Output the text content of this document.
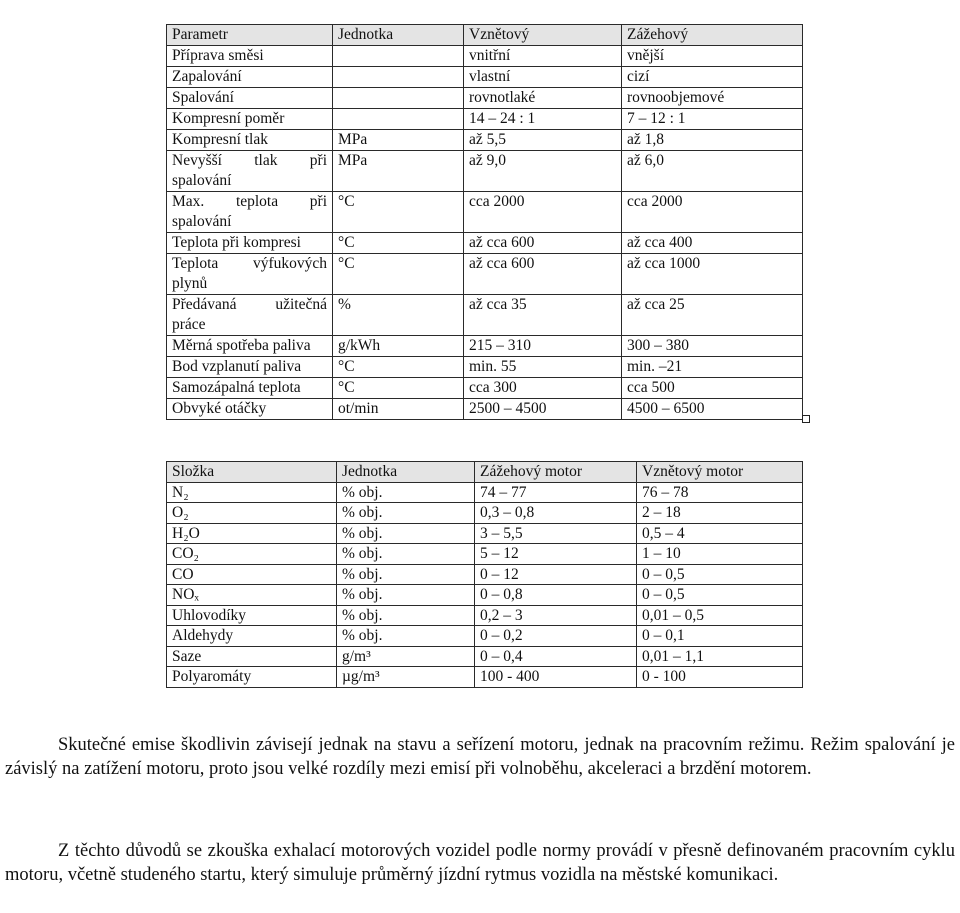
Parametr	Jednotka	Vznětový	Zážehový
Příprava směsi		vnitřní	vnější
Zapalování		vlastní	cizí
Spalování		rovnotlaké	rovnoobjemové
Kompresní poměr		14 – 24 : 1	7 – 12 : 1
Kompresní tlak	MPa	až 5,5	až 1,8
Nevyšší tlak při spalování	MPa	až 9,0	až 6,0
Max. teplota při spalování	°C	cca 2000	cca 2000
Teplota při kompresi	°C	až cca 600	až cca 400
Teplota výfukových plynů	°C	až cca 600	až cca 1000
Předávaná užitečná práce	%	až cca 35	až cca 25
Měrná spotřeba paliva	g/kWh	215 – 310	300 – 380
Bod vzplanutí paliva	°C	min. 55	min. –21
Samozápalná teplota	°C	cca 300	cca 500
Obvyké otáčky	ot/min	2500 – 4500	4500 – 6500
Složka	Jednotka	Zážehový motor	Vznětový motor
N₂	% obj.	74 – 77	76 – 78
O₂	% obj.	0,3 – 0,8	2 – 18
H₂O	% obj.	3 – 5,5	0,5 – 4
CO₂	% obj.	5 – 12	1 – 10
CO	% obj.	0 – 12	0 – 0,5
NOₓ	% obj.	0 – 0,8	0 – 0,5
Uhlovodíky	% obj.	0,2 – 3	0,01 – 0,5
Aldehydy	% obj.	0 – 0,2	0 – 0,1
Saze	g/m³	0 – 0,4	0,01 – 1,1
Polyaromáty	µg/m³	100 - 400	0 - 100

Skutečné emise škodlivin závisejí jednak na stavu a seřízení motoru, jednak na pracovním režimu. Režim spalování je závislý na zatížení motoru, proto jsou velké rozdíly mezi emisí při volnoběhu, akceleraci a brzdění motorem.

Z těchto důvodů se zkouška exhalací motorových vozidel podle normy provádí v přesně definovaném pracovním cyklu motoru, včetně studeného startu, který simuluje průměrný jízdní rytmus vozidla na městské komunikaci.
